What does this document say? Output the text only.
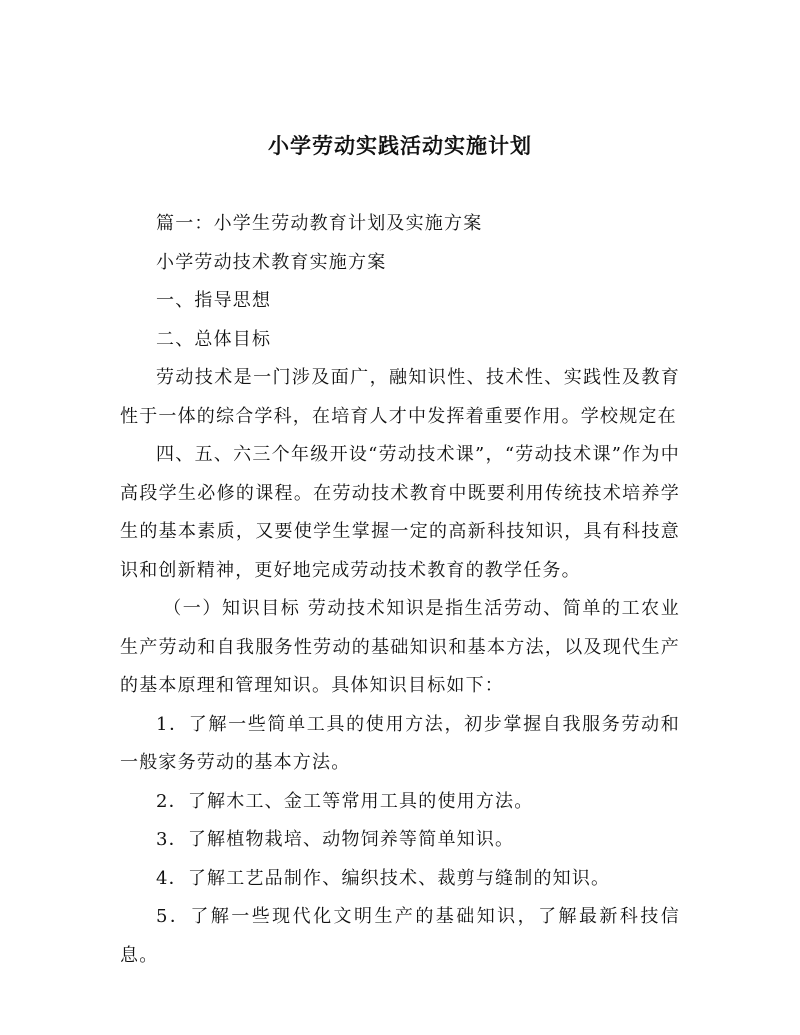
小学劳动实践活动实施计划

篇一：小学生劳动教育计划及实施方案

小学劳动技术教育实施方案

一、指导思想

二、总体目标

劳动技术是一门涉及面广，融知识性、技术性、实践性及教育性于一体的综合学科，在培育人才中发挥着重要作用。学校规定在

四、五、六三个年级开设“劳动技术课”，“劳动技术课”作为中高段学生必修的课程。在劳动技术教育中既要利用传统技术培养学生的基本素质，又要使学生掌握一定的高新科技知识，具有科技意识和创新精神，更好地完成劳动技术教育的教学任务。

（一）知识目标 劳动技术知识是指生活劳动、简单的工农业生产劳动和自我服务性劳动的基础知识和基本方法，以及现代生产的基本原理和管理知识。具体知识目标如下：

1．了解一些简单工具的使用方法，初步掌握自我服务劳动和一般家务劳动的基本方法。

2．了解木工、金工等常用工具的使用方法。

3．了解植物栽培、动物饲养等简单知识。

4．了解工艺品制作、编织技术、裁剪与缝制的知识。

5．了解一些现代化文明生产的基础知识，了解最新科技信息。
